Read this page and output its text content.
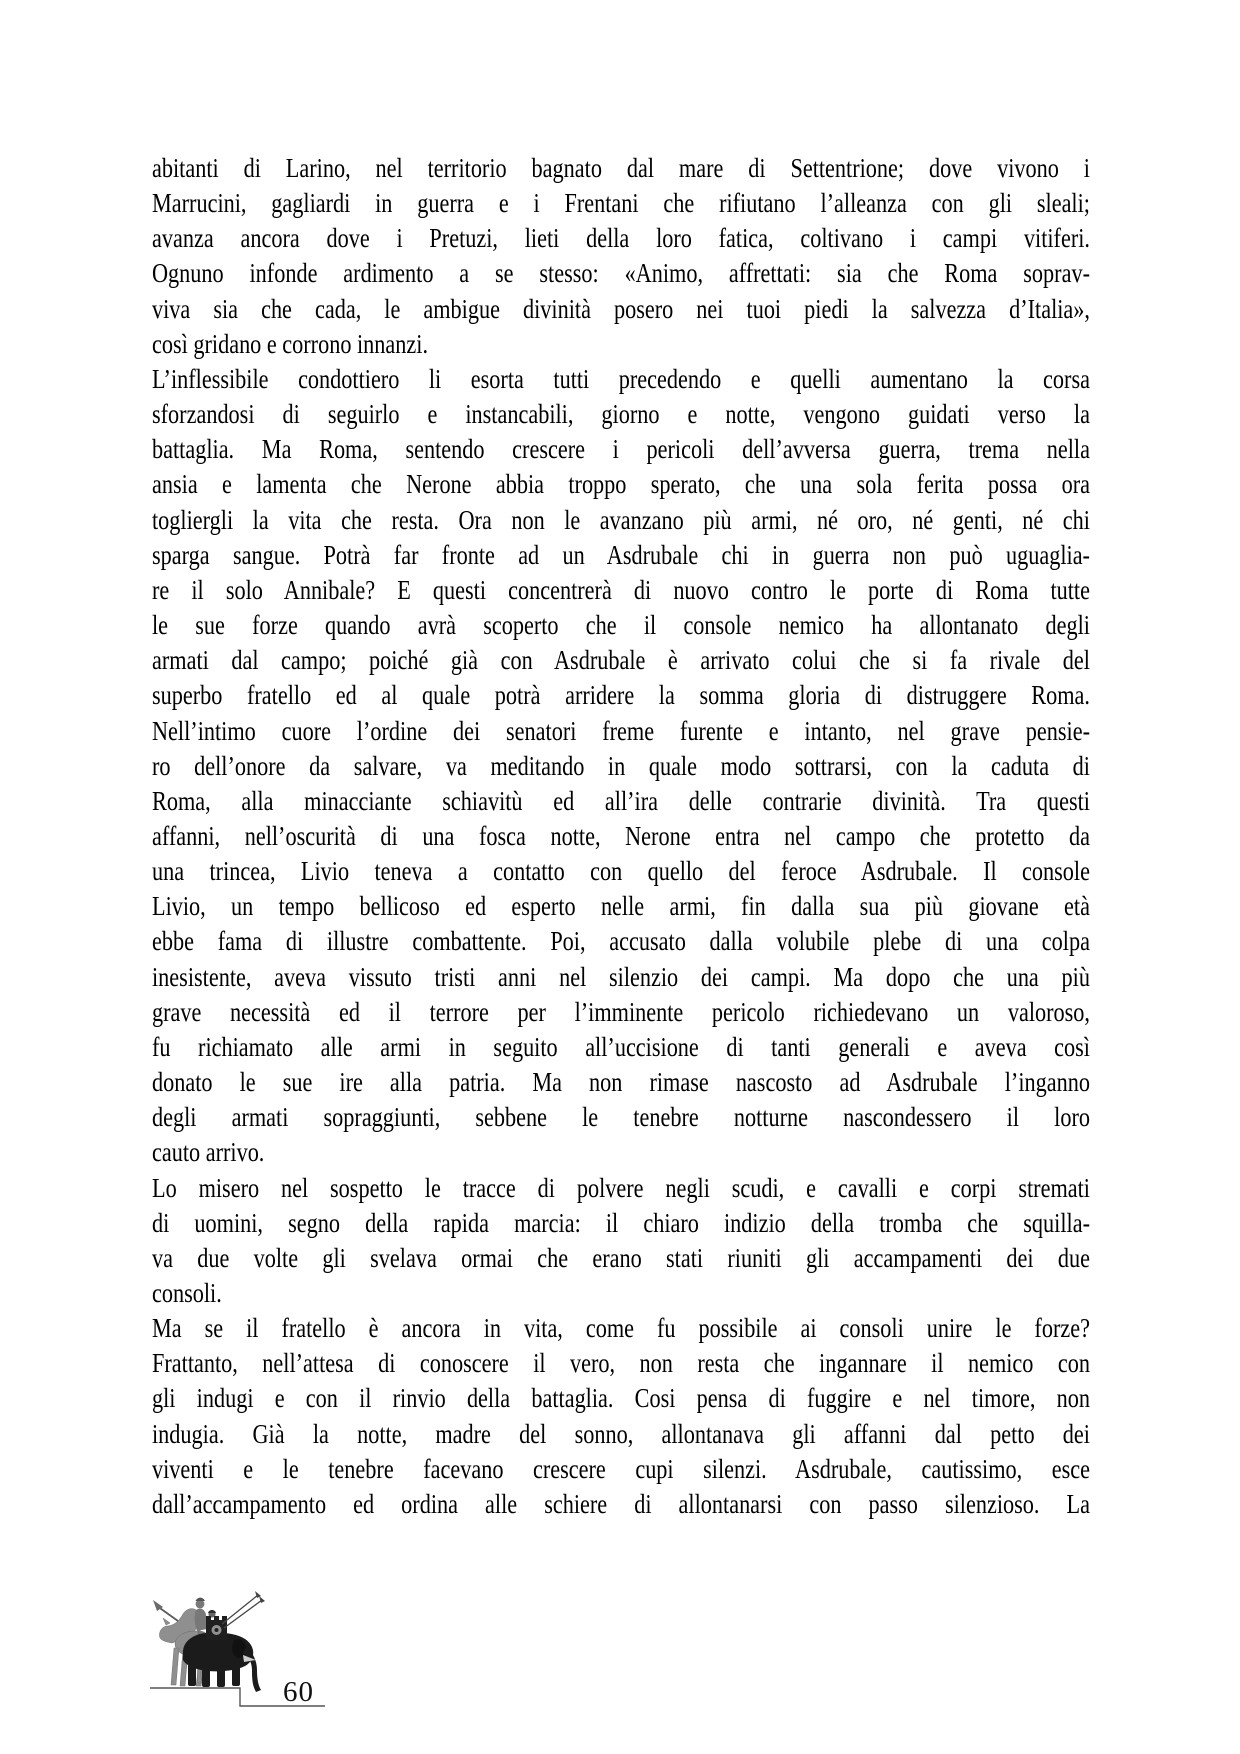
abitanti di Larino, nel territorio bagnato dal mare di Settentrione; dove vivono i
Marrucini, gagliardi in guerra e i Frentani che rifiutano l’alleanza con gli sleali;
avanza ancora dove i Pretuzi, lieti della loro fatica, coltivano i campi vitiferi.
Ognuno infonde ardimento a se stesso: «Animo, affrettati: sia che Roma soprav-
viva sia che cada, le ambigue divinità posero nei tuoi piedi la salvezza d’Italia»,
così gridano e corrono innanzi.
L’inflessibile condottiero li esorta tutti precedendo e quelli aumentano la corsa
sforzandosi di seguirlo e instancabili, giorno e notte, vengono guidati verso la
battaglia. Ma Roma, sentendo crescere i pericoli dell’avversa guerra, trema nella
ansia e lamenta che Nerone abbia troppo sperato, che una sola ferita possa ora
togliergli la vita che resta. Ora non le avanzano più armi, né oro, né genti, né chi
sparga sangue. Potrà far fronte ad un Asdrubale chi in guerra non può uguaglia-
re il solo Annibale? E questi concentrerà di nuovo contro le porte di Roma tutte
le sue forze quando avrà scoperto che il console nemico ha allontanato degli
armati dal campo; poiché già con Asdrubale è arrivato colui che si fa rivale del
superbo fratello ed al quale potrà arridere la somma gloria di distruggere Roma.
Nell’intimo cuore l’ordine dei senatori freme furente e intanto, nel grave pensie-
ro dell’onore da salvare, va meditando in quale modo sottrarsi, con la caduta di
Roma, alla minacciante schiavitù ed all’ira delle contrarie divinità. Tra questi
affanni, nell’oscurità di una fosca notte, Nerone entra nel campo che protetto da
una trincea, Livio teneva a contatto con quello del feroce Asdrubale. Il console
Livio, un tempo bellicoso ed esperto nelle armi, fin dalla sua più giovane età
ebbe fama di illustre combattente. Poi, accusato dalla volubile plebe di una colpa
inesistente, aveva vissuto tristi anni nel silenzio dei campi. Ma dopo che una più
grave necessità ed il terrore per l’imminente pericolo richiedevano un valoroso,
fu richiamato alle armi in seguito all’uccisione di tanti generali e aveva così
donato le sue ire alla patria. Ma non rimase nascosto ad Asdrubale l’inganno
degli armati sopraggiunti, sebbene le tenebre notturne nascondessero il loro
cauto arrivo.
Lo misero nel sospetto le tracce di polvere negli scudi, e cavalli e corpi stremati
di uomini, segno della rapida marcia: il chiaro indizio della tromba che squilla-
va due volte gli svelava ormai che erano stati riuniti gli accampamenti dei due
consoli.
Ma se il fratello è ancora in vita, come fu possibile ai consoli unire le forze?
Frattanto, nell’attesa di conoscere il vero, non resta che ingannare il nemico con
gli indugi e con il rinvio della battaglia. Cosi pensa di fuggire e nel timore, non
indugia. Già la notte, madre del sonno, allontanava gli affanni dal petto dei
viventi e le tenebre facevano crescere cupi silenzi. Asdrubale, cautissimo, esce
dall’accampamento ed ordina alle schiere di allontanarsi con passo silenzioso. La
60
